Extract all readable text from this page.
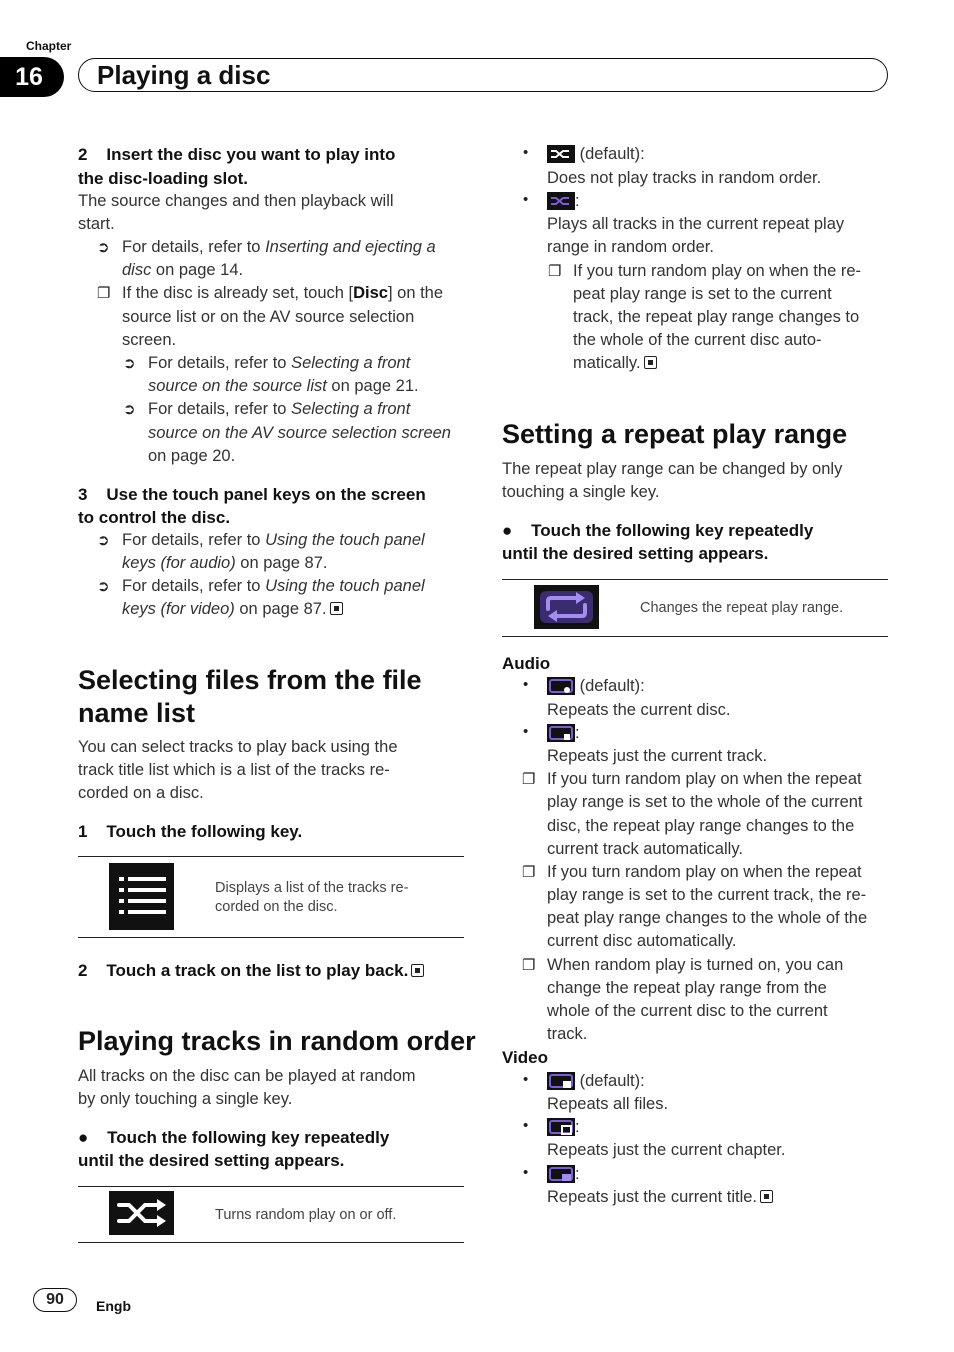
Chapter
16	Playing a disc
2 Insert the disc you want to play into
the disc-loading slot.
The source changes and then playback will
start.
➲ For details, refer to Inserting and ejecting a
disc on page 14.
❐ If the disc is already set, touch [Disc] on the
source list or on the AV source selection
screen.
➲ For details, refer to Selecting a front
source on the source list on page 21.
➲ For details, refer to Selecting a front
source on the AV source selection screen
on page 20.
3 Use the touch panel keys on the screen
to control the disc.
➲ For details, refer to Using the touch panel
keys (for audio) on page 87.
➲ For details, refer to Using the touch panel
keys (for video) on page 87.
Selecting files from the file
name list
You can select tracks to play back using the
track title list which is a list of the tracks re-
corded on a disc.
1 Touch the following key.
Displays a list of the tracks re-
corded on the disc.
2 Touch a track on the list to play back.
Playing tracks in random order
All tracks on the disc can be played at random
by only touching a single key.
●    Touch the following key repeatedly
until the desired setting appears.
Turns random play on or off.
•	(default):
Does not play tracks in random order.
•	:
Plays all tracks in the current repeat play
range in random order.
❐ If you turn random play on when the re-
peat play range is set to the current
track, the repeat play range changes to
the whole of the current disc auto-
matically.
Setting a repeat play range
The repeat play range can be changed by only
touching a single key.
●    Touch the following key repeatedly
until the desired setting appears.
Changes the repeat play range.
Audio
•	(default):
Repeats the current disc.
•	:
Repeats just the current track.
❐ If you turn random play on when the repeat
play range is set to the whole of the current
disc, the repeat play range changes to the
current track automatically.
❐ If you turn random play on when the repeat
play range is set to the current track, the re-
peat play range changes to the whole of the
current disc automatically.
❐ When random play is turned on, you can
change the repeat play range from the
whole of the current disc to the current
track.
Video
•	(default):
Repeats all files.
•	:
Repeats just the current chapter.
•	:
Repeats just the current title.
90	Engb
